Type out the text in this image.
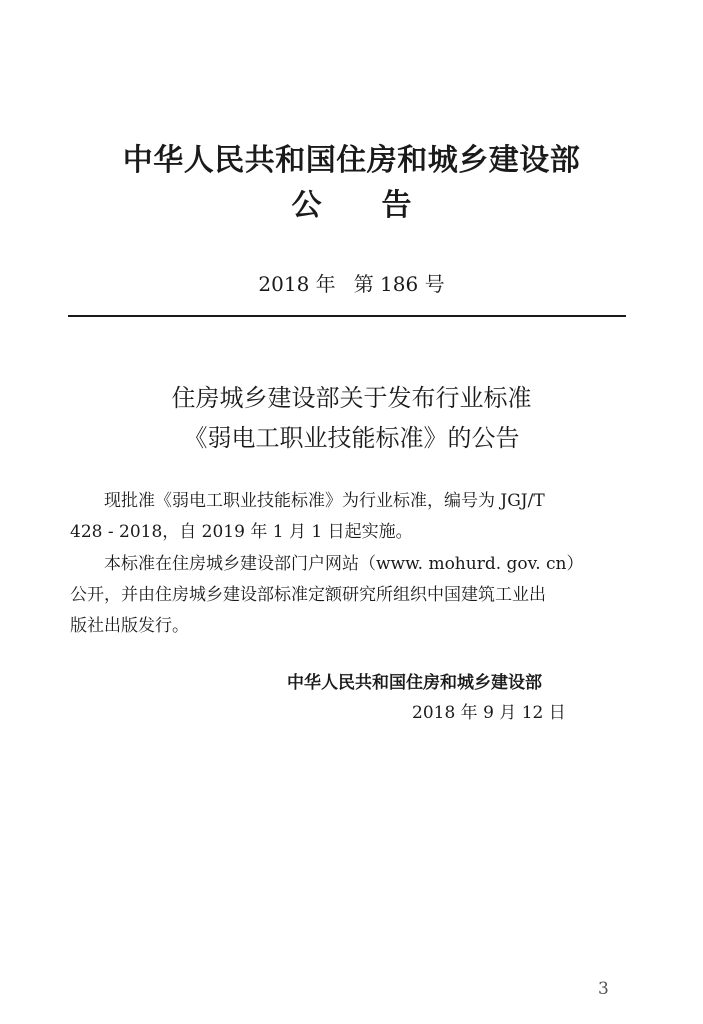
中华人民共和国住房和城乡建设部
公 告
2018 年 第 186 号
住房城乡建设部关于发布行业标准
《弱电工职业技能标准》的公告
现批准《弱电工职业技能标准》为行业标准，编号为 JGJ/T
428 - 2018，自 2019 年 1 月 1 日起实施。
本标准在住房城乡建设部门户网站（www. mohurd. gov. cn）
公开，并由住房城乡建设部标准定额研究所组织中国建筑工业出
版社出版发行。
中华人民共和国住房和城乡建设部
2018 年 9 月 12 日
3
